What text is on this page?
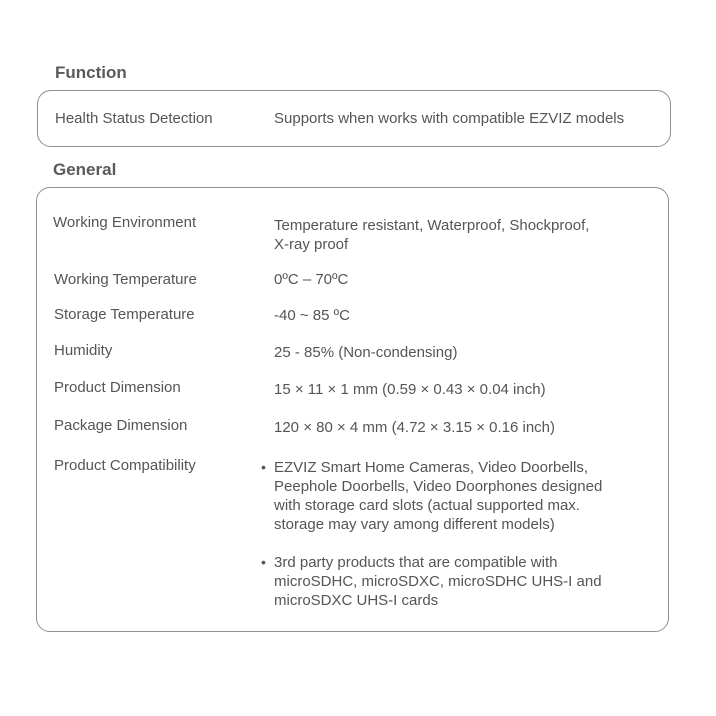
Function
Health Status Detection	Supports when works with compatible EZVIZ models
General
Working Environment	Temperature resistant, Waterproof, Shockproof,
X-ray proof
Working Temperature	0ºC – 70ºC
Storage Temperature	-40 ~ 85 ºC
Humidity	25 - 85% (Non-condensing)
Product Dimension	15 × 11 × 1 mm (0.59 × 0.43 × 0.04 inch)
Package Dimension	120 × 80 × 4 mm (4.72 × 3.15 × 0.16 inch)
Product Compatibility	• EZVIZ Smart Home Cameras, Video Doorbells,
Peephole Doorbells, Video Doorphones designed
with storage card slots (actual supported max.
storage may vary among different models)
• 3rd party products that are compatible with
microSDHC, microSDXC, microSDHC UHS-I and
microSDXC UHS-I cards
